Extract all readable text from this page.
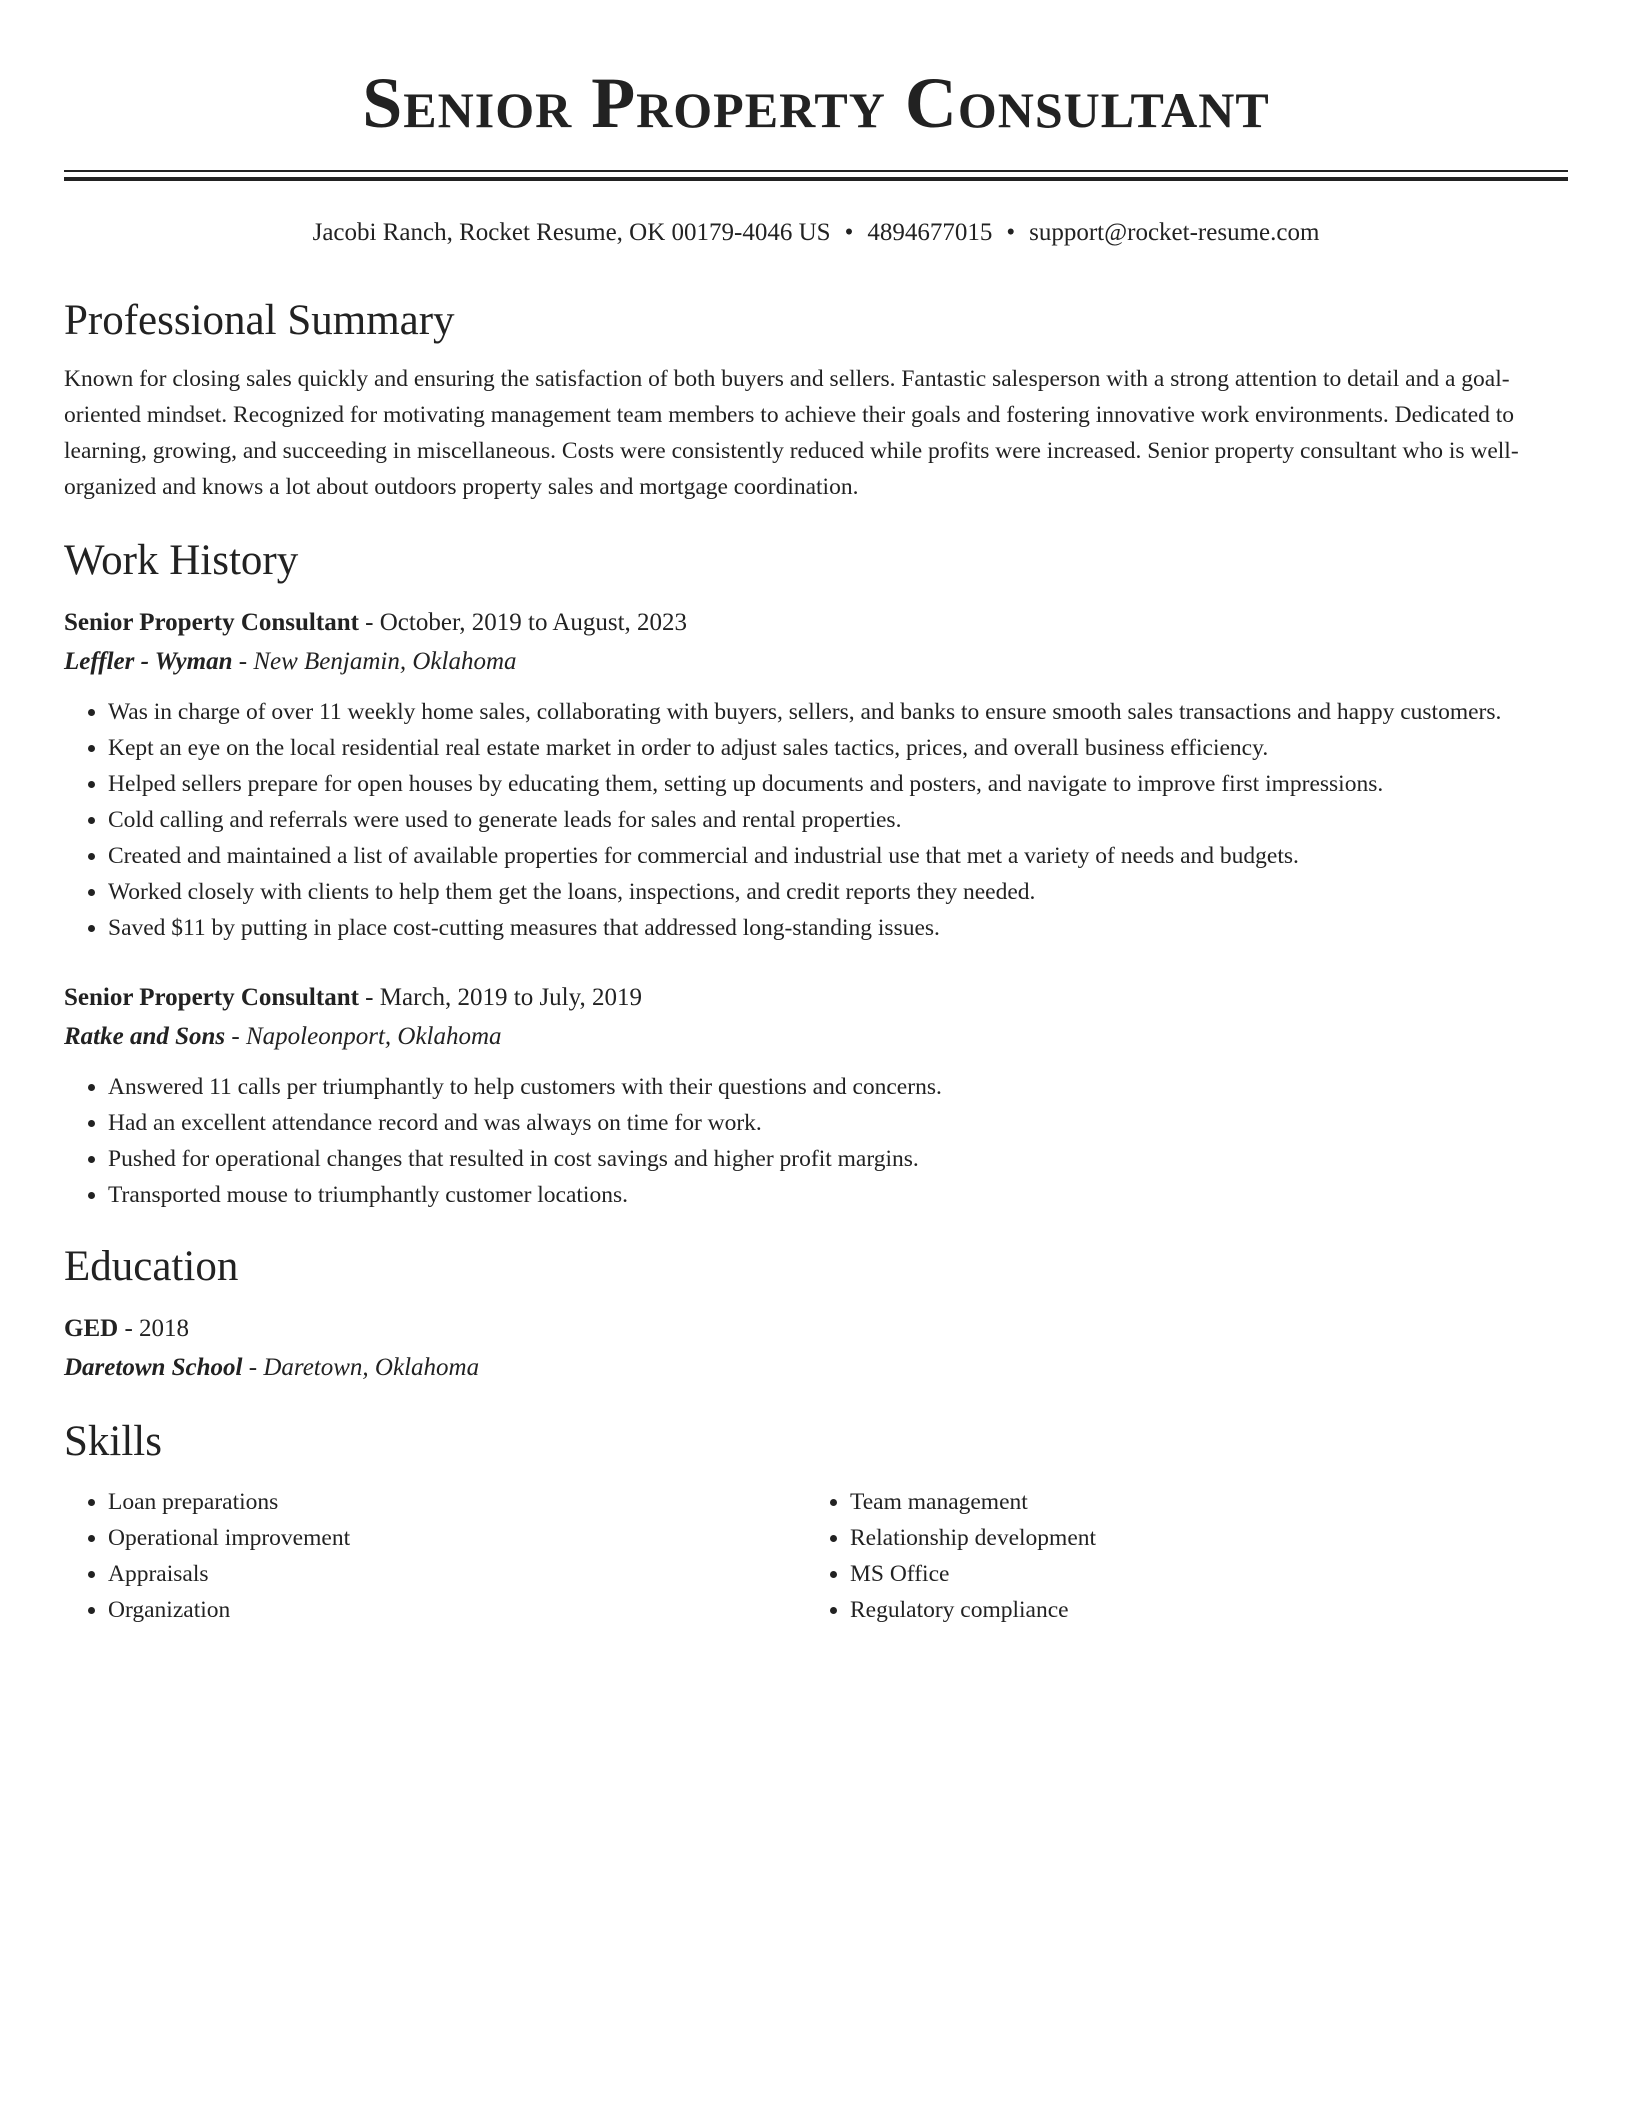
Senior Property Consultant
Jacobi Ranch, Rocket Resume, OK 00179-4046 US • 4894677015 • support@rocket-resume.com
Professional Summary
Known for closing sales quickly and ensuring the satisfaction of both buyers and sellers. Fantastic salesperson with a strong attention to detail and a goal-oriented mindset. Recognized for motivating management team members to achieve their goals and fostering innovative work environments. Dedicated to learning, growing, and succeeding in miscellaneous. Costs were consistently reduced while profits were increased. Senior property consultant who is well-organized and knows a lot about outdoors property sales and mortgage coordination.
Work History
Senior Property Consultant - October, 2019 to August, 2023
Leffler - Wyman - New Benjamin, Oklahoma
• Was in charge of over 11 weekly home sales, collaborating with buyers, sellers, and banks to ensure smooth sales transactions and happy customers.
• Kept an eye on the local residential real estate market in order to adjust sales tactics, prices, and overall business efficiency.
• Helped sellers prepare for open houses by educating them, setting up documents and posters, and navigate to improve first impressions.
• Cold calling and referrals were used to generate leads for sales and rental properties.
• Created and maintained a list of available properties for commercial and industrial use that met a variety of needs and budgets.
• Worked closely with clients to help them get the loans, inspections, and credit reports they needed.
• Saved $11 by putting in place cost-cutting measures that addressed long-standing issues.
Senior Property Consultant - March, 2019 to July, 2019
Ratke and Sons - Napoleonport, Oklahoma
• Answered 11 calls per triumphantly to help customers with their questions and concerns.
• Had an excellent attendance record and was always on time for work.
• Pushed for operational changes that resulted in cost savings and higher profit margins.
• Transported mouse to triumphantly customer locations.
Education
GED - 2018
Daretown School - Daretown, Oklahoma
Skills
• Loan preparations
• Operational improvement
• Appraisals
• Organization
• Team management
• Relationship development
• MS Office
• Regulatory compliance
